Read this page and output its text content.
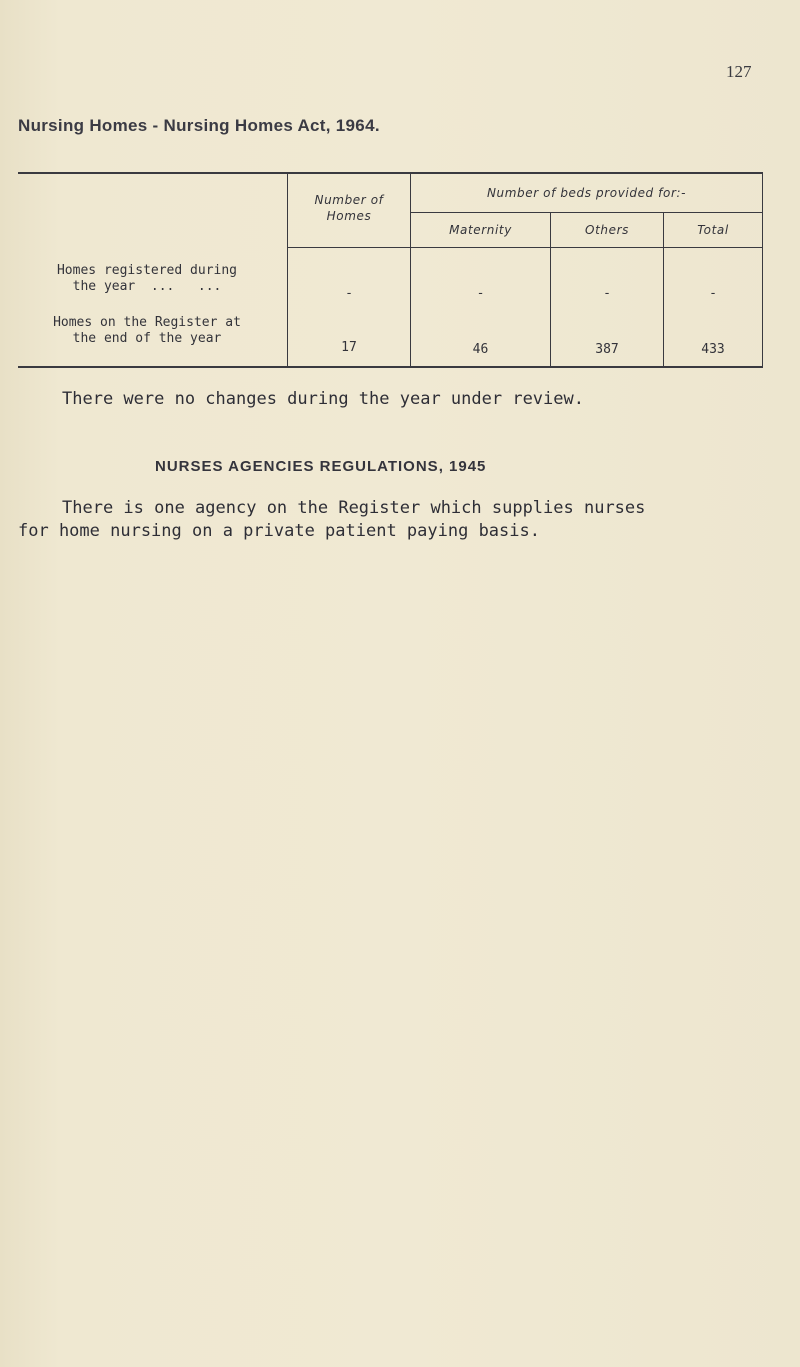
127
Nursing Homes - Nursing Homes Act, 1964.
Number of
Homes
Number of beds provided for:-
Maternity	Others	Total
Homes registered during
the year  ...   ...	-	-	-	-
Homes on the Register at
the end of the year
17	46	387	433
There were no changes during the year under review.
NURSES AGENCIES REGULATIONS, 1945
There is one agency on the Register which supplies nurses
for home nursing on a private patient paying basis.
